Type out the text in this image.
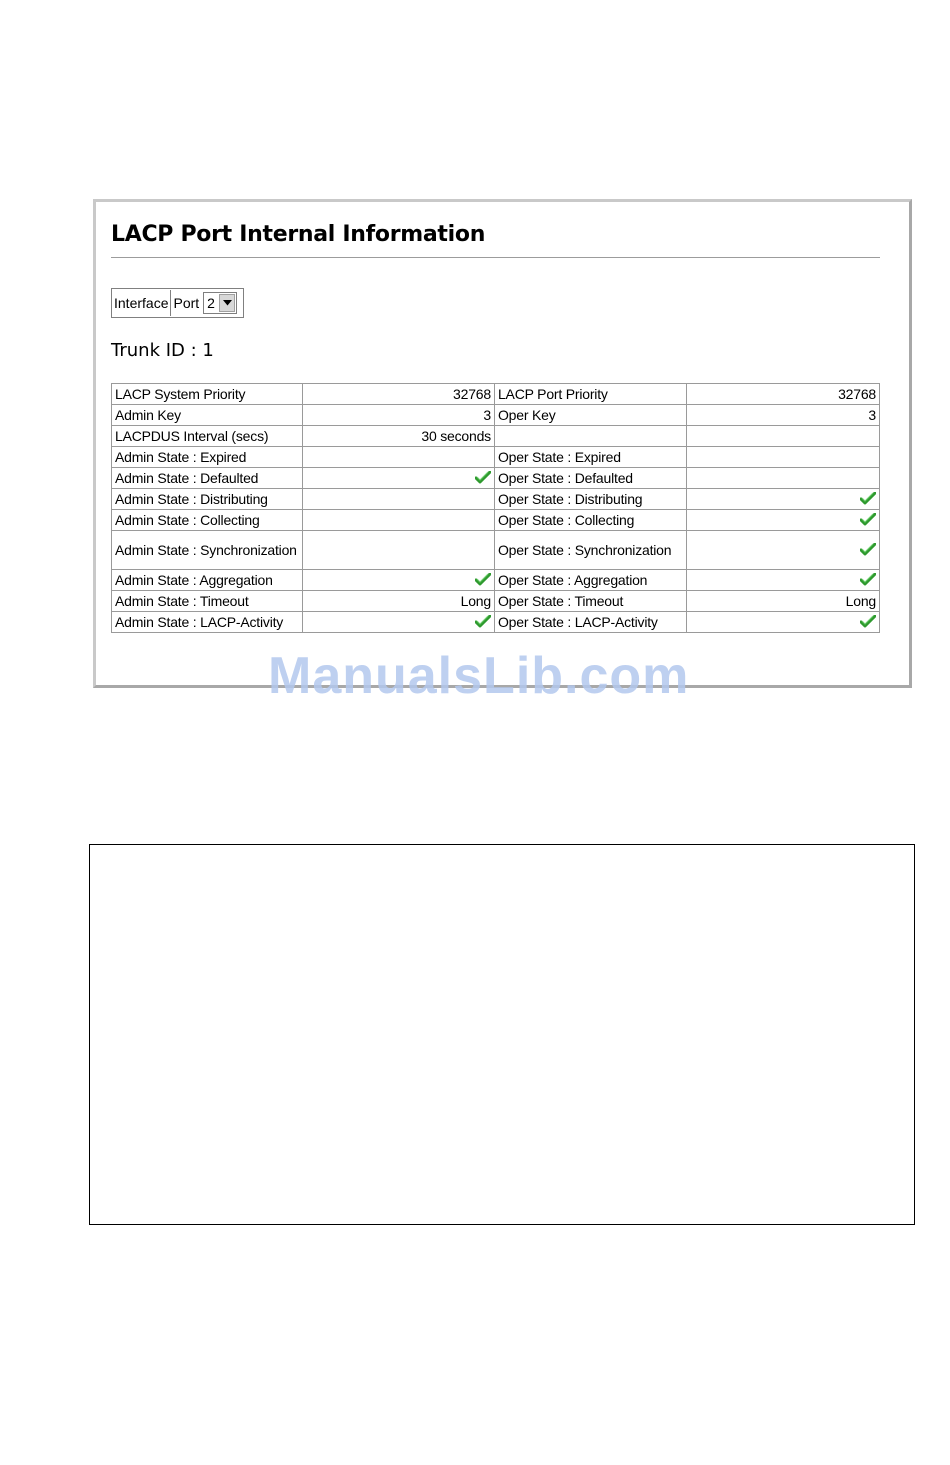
LACP Port Internal Information
Interface Port 2
Trunk ID : 1
LACP System Priority	32768	LACP Port Priority	32768
Admin Key	3	Oper Key	3
LACPDUS Interval (secs)	30 seconds		
Admin State : Expired		Oper State : Expired	
Admin State : Defaulted		Oper State : Defaulted	
Admin State : Distributing		Oper State : Distributing	
Admin State : Collecting		Oper State : Collecting	
Admin State : Synchronization		Oper State : Synchronization	
Admin State : Aggregation		Oper State : Aggregation	
Admin State : Timeout	Long	Oper State : Timeout	Long
Admin State : LACP-Activity		Oper State : LACP-Activity	
ManualsLib.com
